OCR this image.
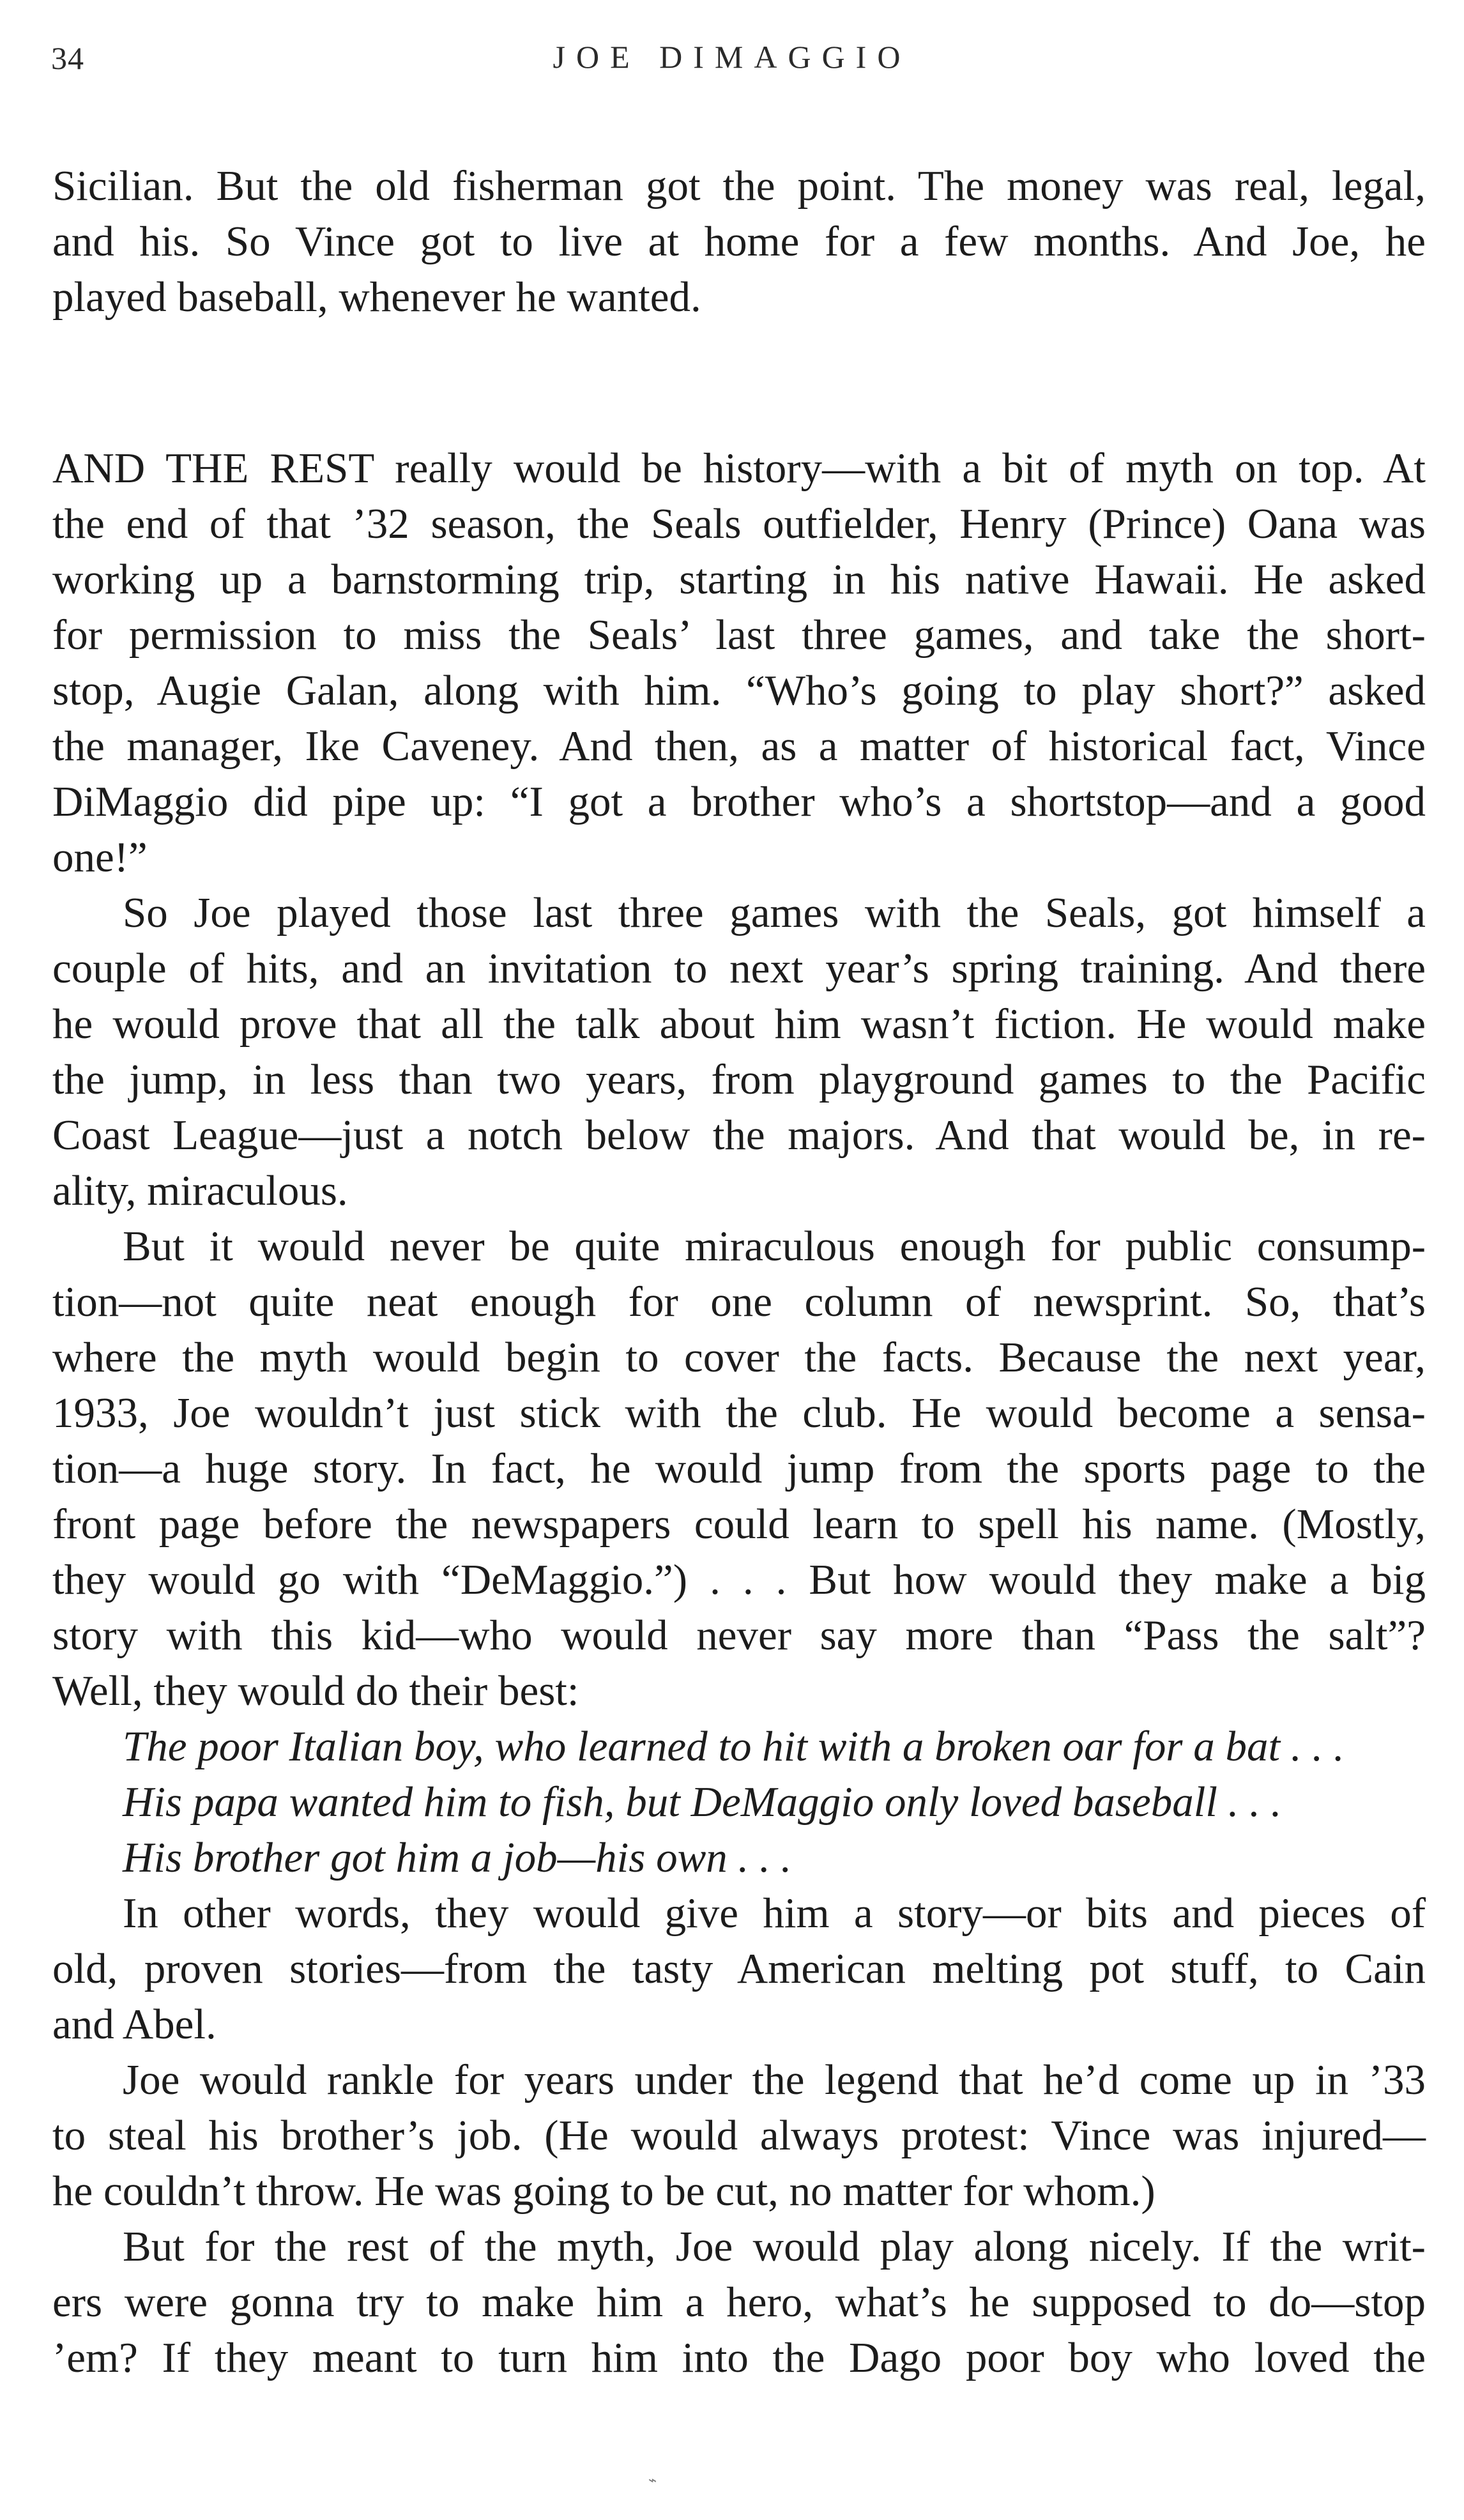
34	JOE DIMAGGIO

Sicilian. But the old fisherman got the point. The money was real, legal,
and his. So Vince got to live at home for a few months. And Joe, he
played baseball, whenever he wanted.

AND THE REST really would be history—with a bit of myth on top. At
the end of that ’32 season, the Seals outfielder, Henry (Prince) Oana was
working up a barnstorming trip, starting in his native Hawaii. He asked
for permission to miss the Seals’ last three games, and take the short-
stop, Augie Galan, along with him. “Who’s going to play short?” asked
the manager, Ike Caveney. And then, as a matter of historical fact, Vince
DiMaggio did pipe up: “I got a brother who’s a shortstop—and a good
one!”

So Joe played those last three games with the Seals, got himself a
couple of hits, and an invitation to next year’s spring training. And there
he would prove that all the talk about him wasn’t fiction. He would make
the jump, in less than two years, from playground games to the Pacific
Coast League—just a notch below the majors. And that would be, in re-
ality, miraculous.

But it would never be quite miraculous enough for public consump-
tion—not quite neat enough for one column of newsprint. So, that’s
where the myth would begin to cover the facts. Because the next year,
1933, Joe wouldn’t just stick with the club. He would become a sensa-
tion—a huge story. In fact, he would jump from the sports page to the
front page before the newspapers could learn to spell his name. (Mostly,
they would go with “DeMaggio.”) . . . But how would they make a big
story with this kid—who would never say more than “Pass the salt”?
Well, they would do their best:

The poor Italian boy, who learned to hit with a broken oar for a bat . . .
His papa wanted him to fish, but DeMaggio only loved baseball . . .
His brother got him a job—his own . . .

In other words, they would give him a story—or bits and pieces of
old, proven stories—from the tasty American melting pot stuff, to Cain
and Abel.

Joe would rankle for years under the legend that he’d come up in ’33
to steal his brother’s job. (He would always protest: Vince was injured—
he couldn’t throw. He was going to be cut, no matter for whom.)

But for the rest of the myth, Joe would play along nicely. If the writ-
ers were gonna try to make him a hero, what’s he supposed to do—stop
’em? If they meant to turn him into the Dago poor boy who loved the

⌁
